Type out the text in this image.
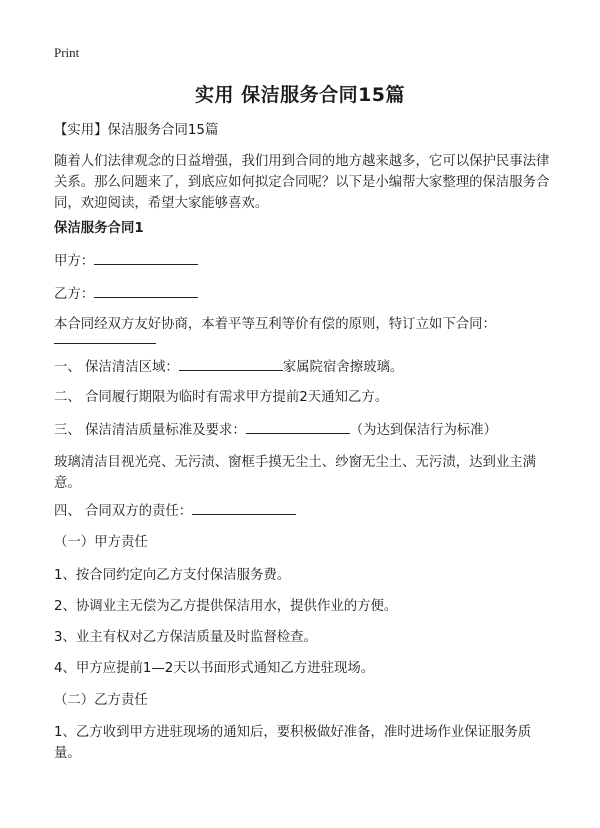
Print
实用 保洁服务合同15篇

【实用】保洁服务合同15篇

随着人们法律观念的日益增强，我们用到合同的地方越来越多，它可以保护民事法律关系。那么问题来了，到底应如何拟定合同呢？以下是小编帮大家整理的保洁服务合同，欢迎阅读，希望大家能够喜欢。

保洁服务合同1

甲方：

乙方：

本合同经双方友好协商，本着平等互利等价有偿的原则，特订立如下合同：

一、 保洁清洁区域：	家属院宿舍擦玻璃。

二、 合同履行期限为临时有需求甲方提前2天通知乙方。

三、 保洁清洁质量标准及要求：	（为达到保洁行为标准）

玻璃清洁目视光亮、无污渍、窗框手摸无尘土、纱窗无尘土、无污渍，达到业主满意。

四、 合同双方的责任：

（一）甲方责任

1、按合同约定向乙方支付保洁服务费。

2、协调业主无偿为乙方提供保洁用水，提供作业的方便。

3、业主有权对乙方保洁质量及时监督检查。

4、甲方应提前1—2天以书面形式通知乙方进驻现场。

（二）乙方责任

1、乙方收到甲方进驻现场的通知后，要积极做好准备，准时进场作业保证服务质量。
